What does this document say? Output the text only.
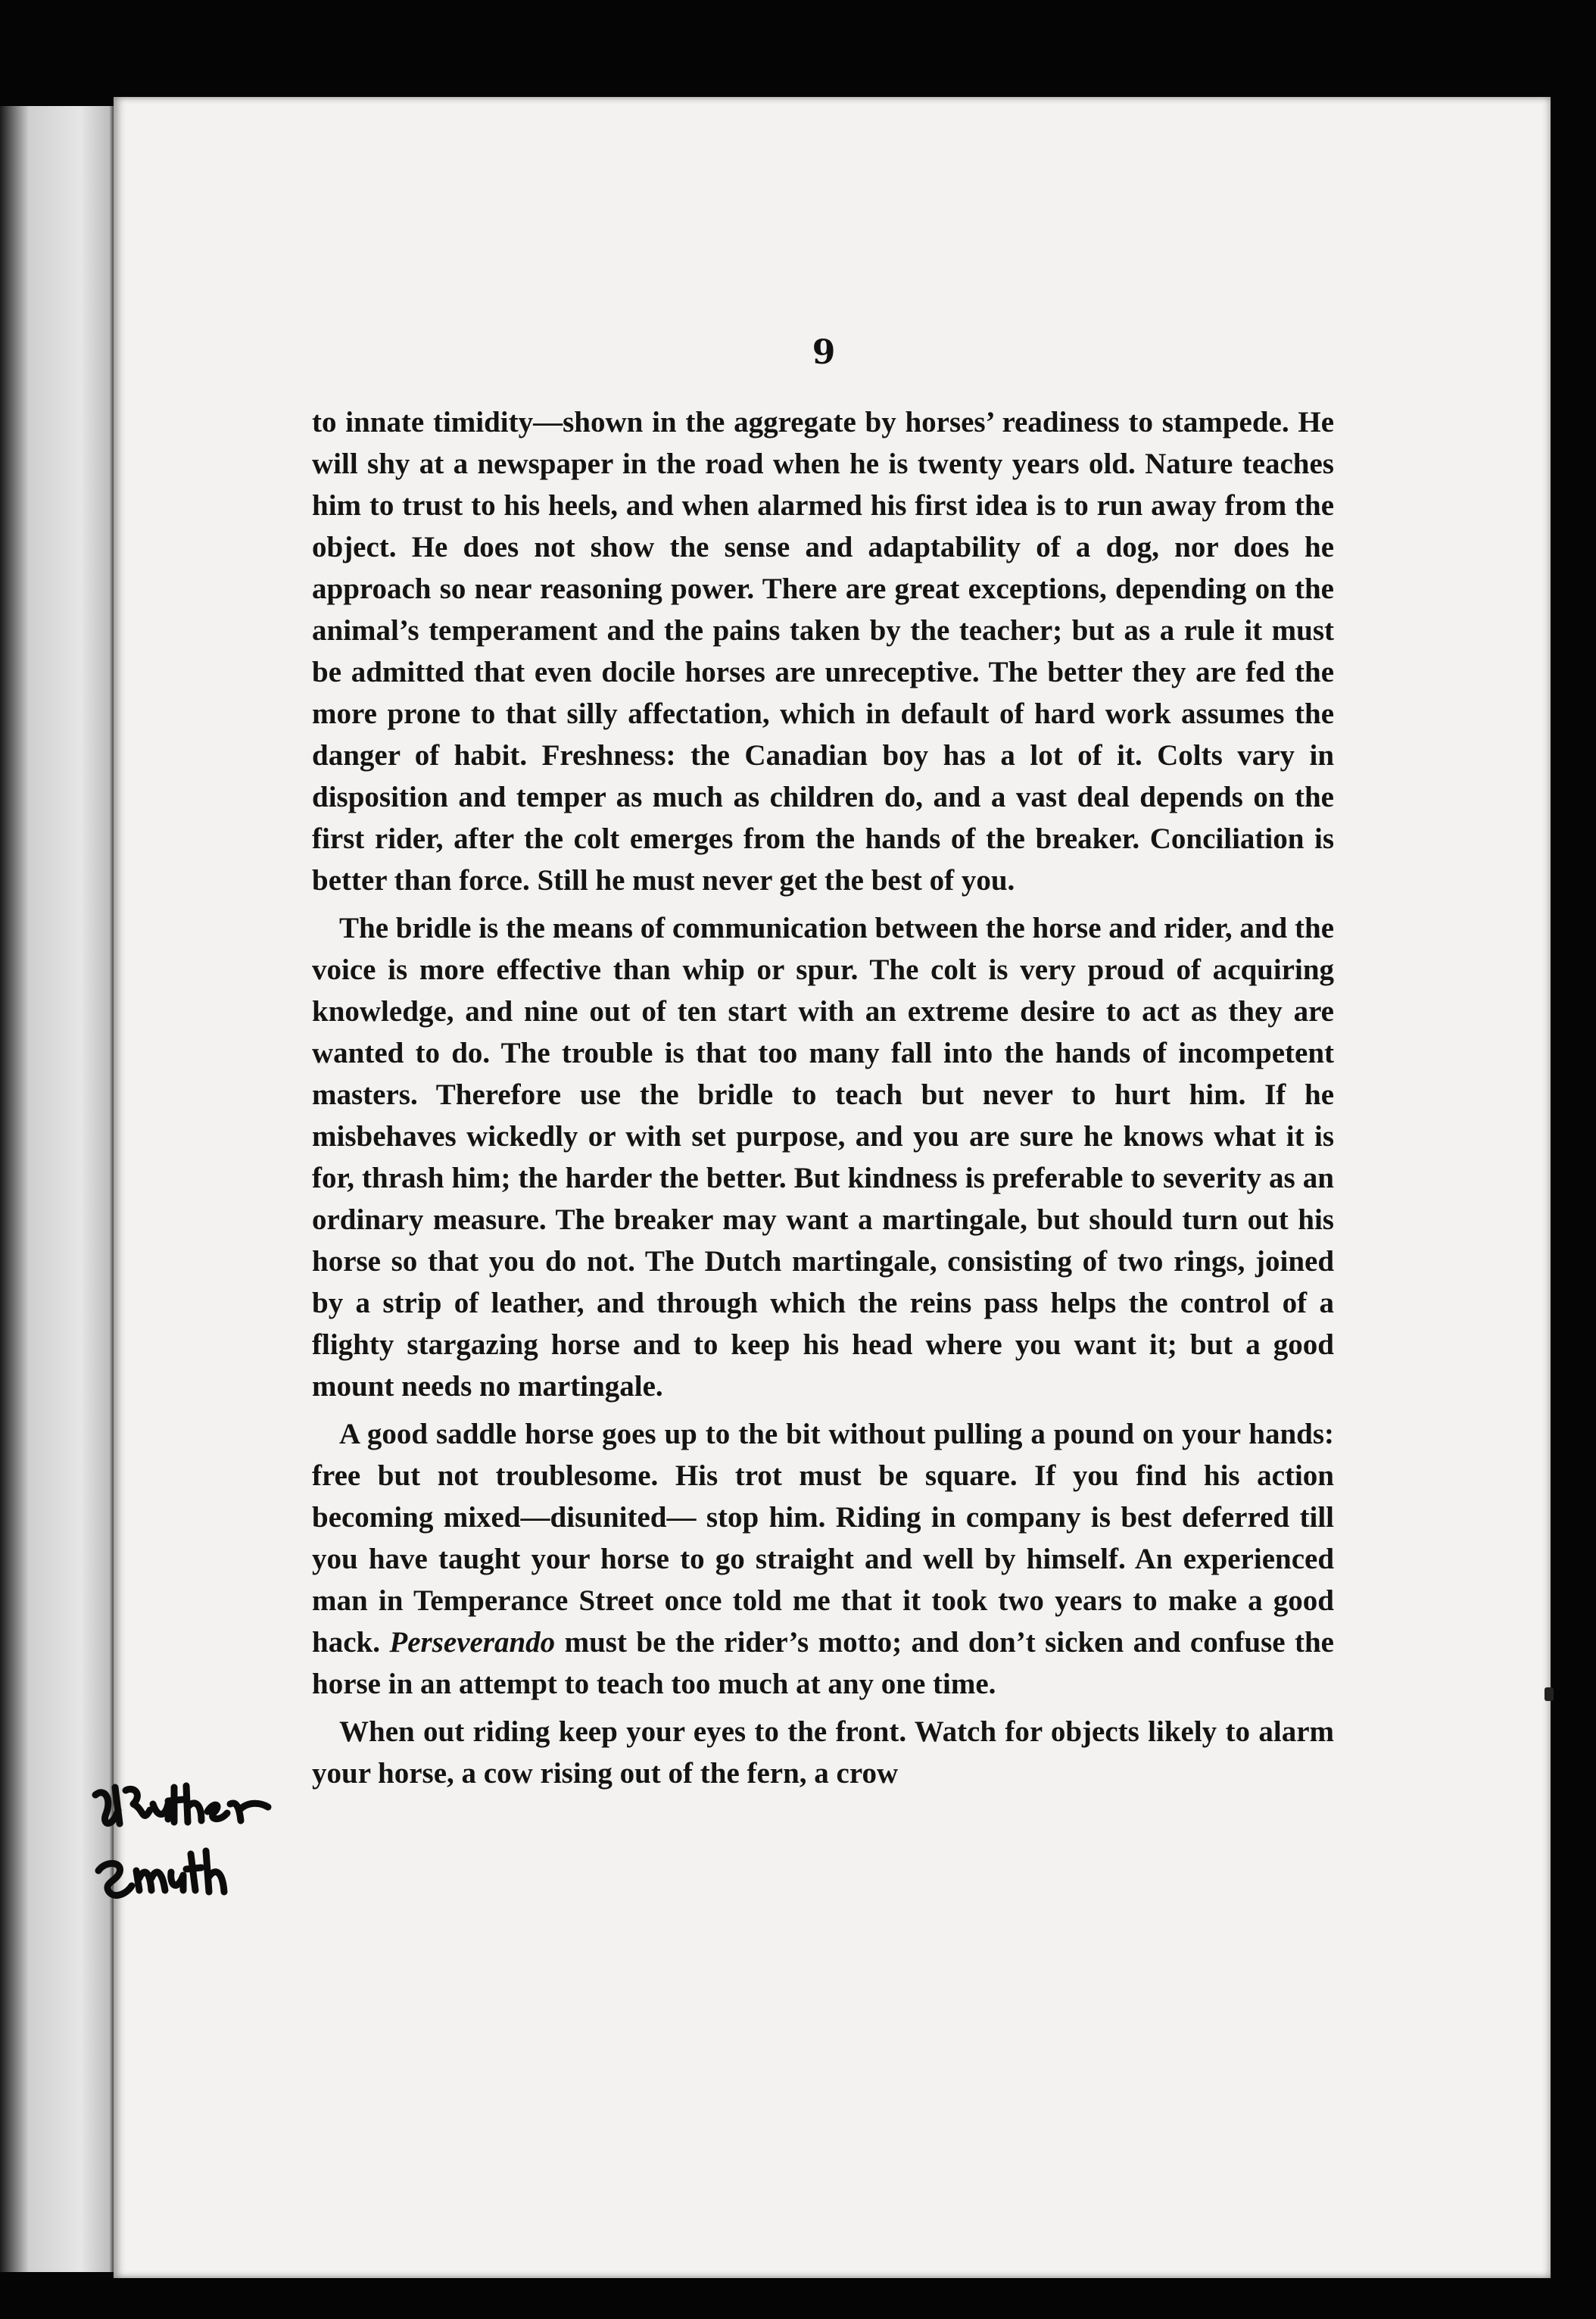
9

to innate timidity—shown in the aggregate by horses’ readiness to stampede. He will shy at a newspaper in the road when he is twenty years old. Nature teaches him to trust to his heels, and when alarmed his first idea is to run away from the object. He does not show the sense and adaptability of a dog, nor does he approach so near reasoning power. There are great exceptions, depending on the animal’s temperament and the pains taken by the teacher; but as a rule it must be admitted that even docile horses are unreceptive. The better they are fed the more prone to that silly affectation, which in default of hard work assumes the danger of habit. Freshness: the Canadian boy has a lot of it. Colts vary in disposition and temper as much as children do, and a vast deal depends on the first rider, after the colt emerges from the hands of the breaker. Conciliation is better than force. Still he must never get the best of you.

The bridle is the means of communication between the horse and rider, and the voice is more effective than whip or spur. The colt is very proud of acquiring knowledge, and nine out of ten start with an extreme desire to act as they are wanted to do. The trouble is that too many fall into the hands of incompetent masters. Therefore use the bridle to teach but never to hurt him. If he misbehaves wickedly or with set purpose, and you are sure he knows what it is for, thrash him; the harder the better. But kindness is preferable to severity as an ordinary measure. The breaker may want a martingale, but should turn out his horse so that you do not. The Dutch martingale, consisting of two rings, joined by a strip of leather, and through which the reins pass helps the control of a flighty stargazing horse and to keep his head where you want it; but a good mount needs no martingale.

A good saddle horse goes up to the bit without pulling a pound on your hands: free but not troublesome. His trot must be square. If you find his action becoming mixed—disunited— stop him. Riding in company is best deferred till you have taught your horse to go straight and well by himself. An experienced man in Temperance Street once told me that it took two years to make a good hack. Perseverando must be the rider’s motto; and don’t sicken and confuse the horse in an attempt to teach too much at any one time.

When out riding keep your eyes to the front. Watch for objects likely to alarm your horse, a cow rising out of the fern, a crow
